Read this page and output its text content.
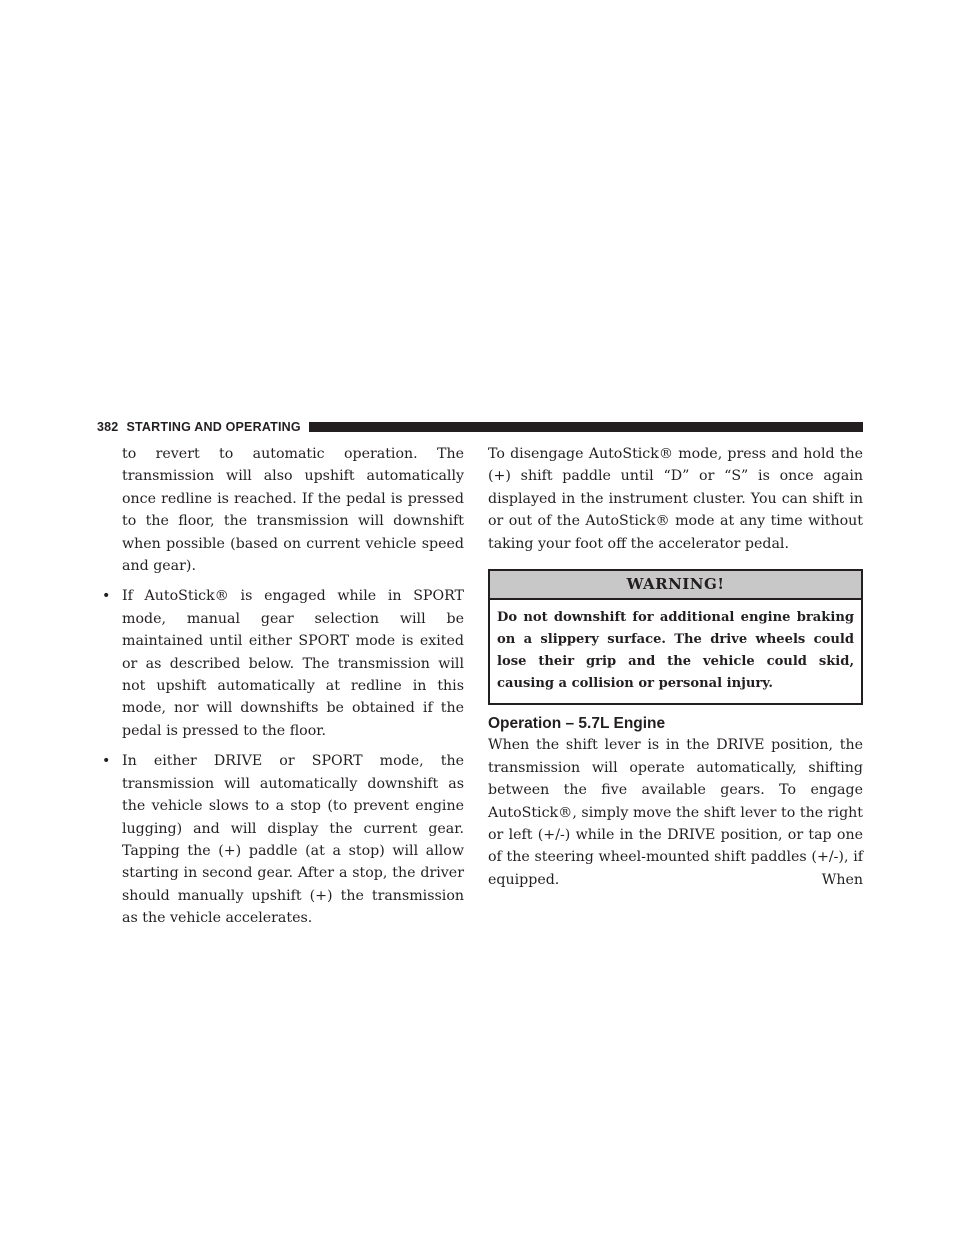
382 STARTING AND OPERATING

to revert to automatic operation. The transmission will also upshift automatically once redline is reached. If the pedal is pressed to the floor, the transmission will downshift when possible (based on current vehicle speed and gear).

• If AutoStick® is engaged while in SPORT mode, manual gear selection will be maintained until either SPORT mode is exited or as described below. The transmission will not upshift automatically at redline in this mode, nor will downshifts be obtained if the pedal is pressed to the floor.

• In either DRIVE or SPORT mode, the transmission will automatically downshift as the vehicle slows to a stop (to prevent engine lugging) and will display the current gear. Tapping the (+) paddle (at a stop) will allow starting in second gear. After a stop, the driver should manually upshift (+) the transmission as the vehicle accelerates.

To disengage AutoStick® mode, press and hold the (+) shift paddle until “D” or “S” is once again displayed in the instrument cluster. You can shift in or out of the AutoStick® mode at any time without taking your foot off the accelerator pedal.

WARNING!
Do not downshift for additional engine braking on a slippery surface. The drive wheels could lose their grip and the vehicle could skid, causing a collision or personal injury.
Operation – 5.7L Engine

When the shift lever is in the DRIVE position, the transmission will operate automatically, shifting between the five available gears. To engage AutoStick®, simply move the shift lever to the right or left (+/-) while in the DRIVE position, or tap one of the steering wheel-mounted shift paddles (+/-), if equipped. When
